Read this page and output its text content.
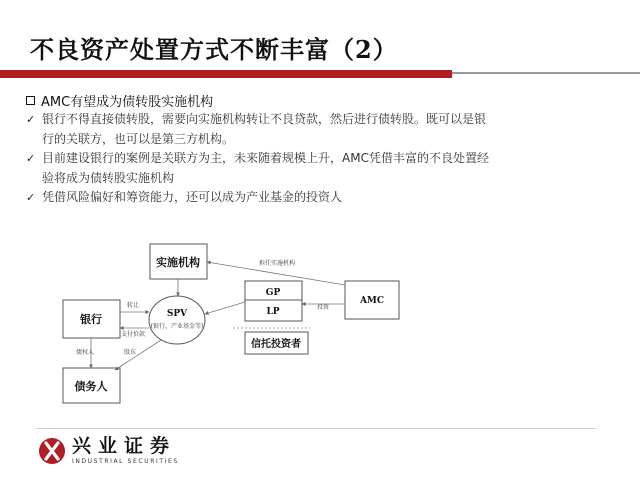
不良资产处置方式不断丰富（2）
AMC有望成为债转股实施机构
✓ 银行不得直接债转股，需要向实施机构转让不良贷款，然后进行债转股。既可以是银
行的关联方，也可以是第三方机构。
✓ 目前建设银行的案例是关联方为主，未来随着规模上升，AMC凭借丰富的不良处置经
验将成为债转股实施机构
✓ 凭借风险偏好和筹资能力，还可以成为产业基金的投资人
实施机构
银行
债务人
SPV
(银行、产业基金等)
GP
LP
信托投资者
AMC
担任实施机构
转让
支付价款
债权人	股东
投资
兴业证券
INDUSTRIAL SECURITIES
